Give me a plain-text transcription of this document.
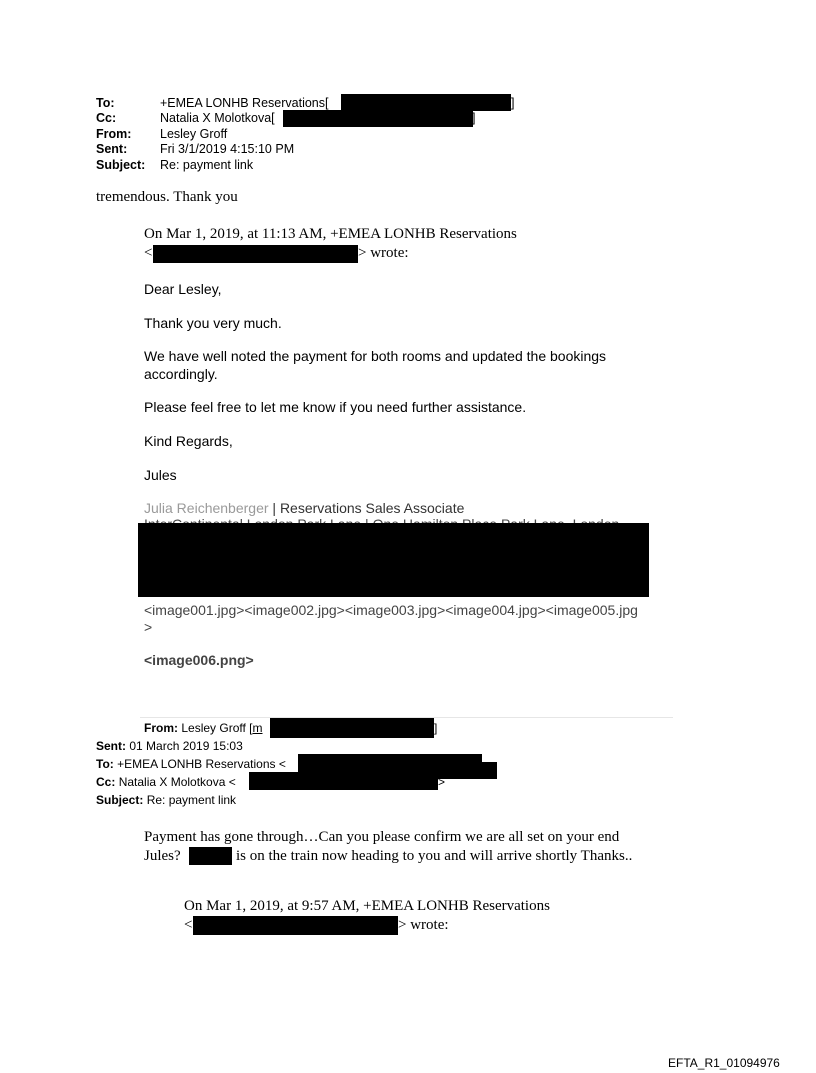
To:	+EMEA LONHB Reservations[	]
Cc:	Natalia X Molotkova[	]
From: Lesley Groff
Sent:	Fri 3/1/2019 4:15:10 PM
Subject: Re: payment link
tremendous. Thank you
On Mar 1, 2019, at 11:13 AM, +EMEA LONHB Reservations
<	> wrote:
Dear Lesley,
Thank you very much.
We have well noted the payment for both rooms and updated the bookings
accordingly.
Please feel free to let me know if you need further assistance.
Kind Regards,
Jules
Julia Reichenberger | Reservations Sales Associate
<image001.jpg><image002.jpg><image003.jpg><image004.jpg><image005.jpg
>
<image006.png>
From: Lesley Groff [m	]
Sent: 01 March 2019 15:03
To: +EMEA LONHB Reservations <
Cc: Natalia X Molotkova <	>
Subject: Re: payment link
Payment has gone through…Can you please confirm we are all set on your end
Jules?	is on the train now heading to you and will arrive shortly Thanks..
On Mar 1, 2019, at 9:57 AM, +EMEA LONHB Reservations
<	> wrote:
EFTA_R1_01094976
